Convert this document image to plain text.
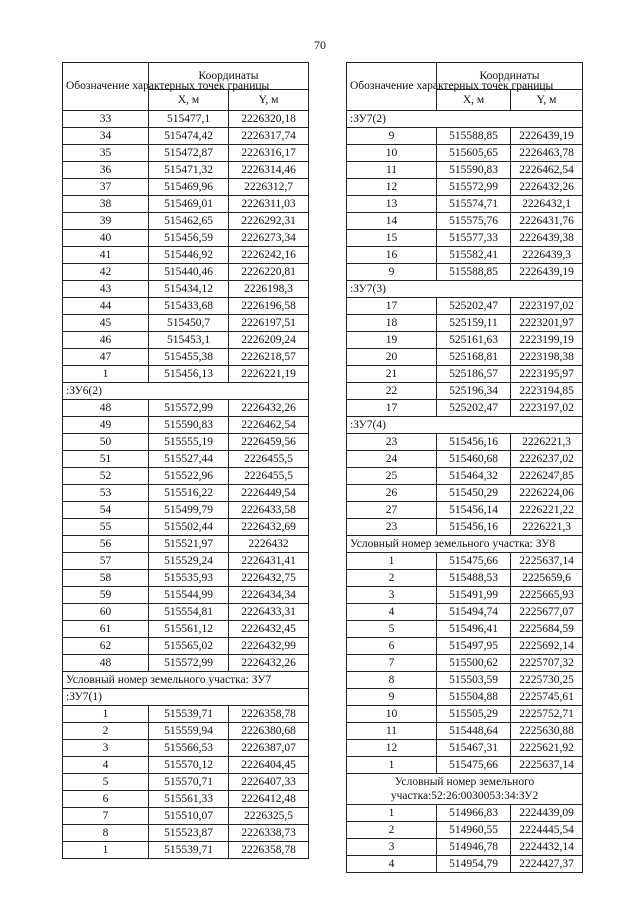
70
Обозначение характерных точек границы	Координаты	
	X, м	Y, м
33	515477,1	2226320,18
34	515474,42	2226317,74
35	515472,87	2226316,17
36	515471,32	2226314,46
37	515469,96	2226312,7
38	515469,01	2226311,03
39	515462,65	2226292,31
40	515456,59	2226273,34
41	515446,92	2226242,16
42	515440,46	2226220,81
43	515434,12	2226198,3
44	515433,68	2226196,58
45	515450,7	2226197,51
46	515453,1	2226209,24
47	515455,38	2226218,57
1	515456,13	2226221,19
:ЗУ6(2)		
48	515572,99	2226432,26
49	515590,83	2226462,54
50	515555,19	2226459,56
51	515527,44	2226455,5
52	515522,96	2226455,5
53	515516,22	2226449,54
54	515499,79	2226433,58
55	515502,44	2226432,69
56	515521,97	2226432
57	515529,24	2226431,41
58	515535,93	2226432,75
59	515544,99	2226434,34
60	515554,81	2226433,31
61	515561,12	2226432,45
62	515565,02	2226432,99
48	515572,99	2226432,26
Условный номер земельного участка: ЗУ7		
:ЗУ7(1)		
1	515539,71	2226358,78
2	515559,94	2226380,68
3	515566,53	2226387,07
4	515570,12	2226404,45
5	515570,71	2226407,33
6	515561,33	2226412,48
7	515510,07	2226325,5
8	515523,87	2226338,73
1	515539,71	2226358,78
Обозначение характерных точек границы	Координаты	
	X, м	Y, м
:ЗУ7(2)		
9	515588,85	2226439,19
10	515605,65	2226463,78
11	515590,83	2226462,54
12	515572,99	2226432,26
13	515574,71	2226432,1
14	515575,76	2226431,76
15	515577,33	2226439,38
16	515582,41	2226439,3
9	515588,85	2226439,19
:ЗУ7(3)		
17	525202,47	2223197,02
18	525159,11	2223201,97
19	525161,63	2223199,19
20	525168,81	2223198,38
21	525186,57	2223195,97
22	525196,34	2223194,85
17	525202,47	2223197,02
:ЗУ7(4)		
23	515456,16	2226221,3
24	515460,68	2226237,02
25	515464,32	2226247,85
26	515450,29	2226224,06
27	515456,14	2226221,22
23	515456,16	2226221,3
Условный номер земельного участка: ЗУ8		
1	515475,66	2225637,14
2	515488,53	2225659,6
3	515491,99	2225665,93
4	515494,74	2225677,07
5	515496,41	2225684,59
6	515497,95	2225692,14
7	515500,62	2225707,32
8	515503,59	2225730,25
9	515504,88	2225745,61
10	515505,29	2225752,71
11	515448,64	2225630,88
12	515467,31	2225621,92
1	515475,66	2225637,14
Условный номер земельного участка:52:26:0030053:34:ЗУ2		
1	514966,83	2224439,09
2	514960,55	2224445,54
3	514946,78	2224432,14
4	514954,79	2224427,37
